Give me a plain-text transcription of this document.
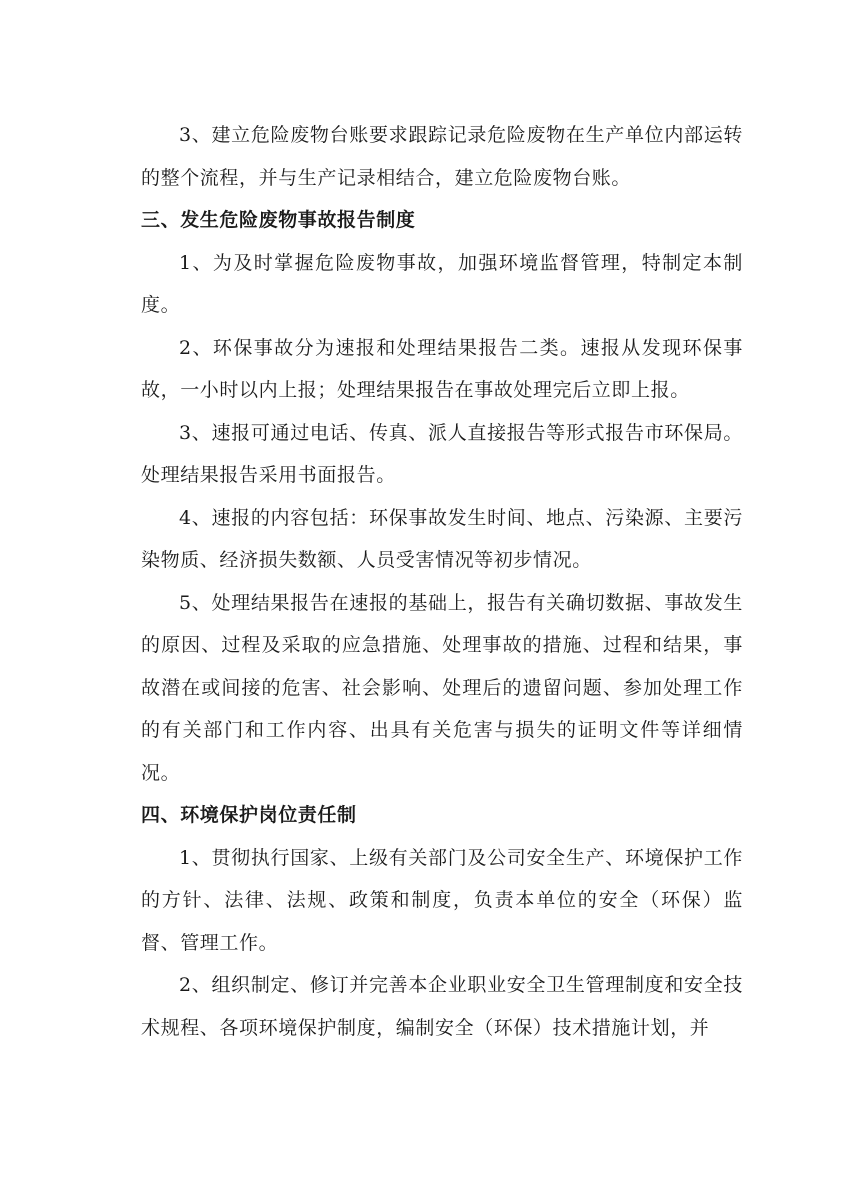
3、建立危险废物台账要求跟踪记录危险废物在生产单位内部运转的整个流程，并与生产记录相结合，建立危险废物台账。

三、发生危险废物事故报告制度

1、为及时掌握危险废物事故，加强环境监督管理，特制定本制度。

2、环保事故分为速报和处理结果报告二类。速报从发现环保事故，一小时以内上报；处理结果报告在事故处理完后立即上报。

3、速报可通过电话、传真、派人直接报告等形式报告市环保局。处理结果报告采用书面报告。

4、速报的内容包括：环保事故发生时间、地点、污染源、主要污染物质、经济损失数额、人员受害情况等初步情况。

5、处理结果报告在速报的基础上，报告有关确切数据、事故发生的原因、过程及采取的应急措施、处理事故的措施、过程和结果，事故潜在或间接的危害、社会影响、处理后的遗留问题、参加处理工作的有关部门和工作内容、出具有关危害与损失的证明文件等详细情况。

四、环境保护岗位责任制

1、贯彻执行国家、上级有关部门及公司安全生产、环境保护工作的方针、法律、法规、政策和制度，负责本单位的安全（环保）监督、管理工作。

2、组织制定、修订并完善本企业职业安全卫生管理制度和安全技术规程、各项环境保护制度，编制安全（环保）技术措施计划，并
